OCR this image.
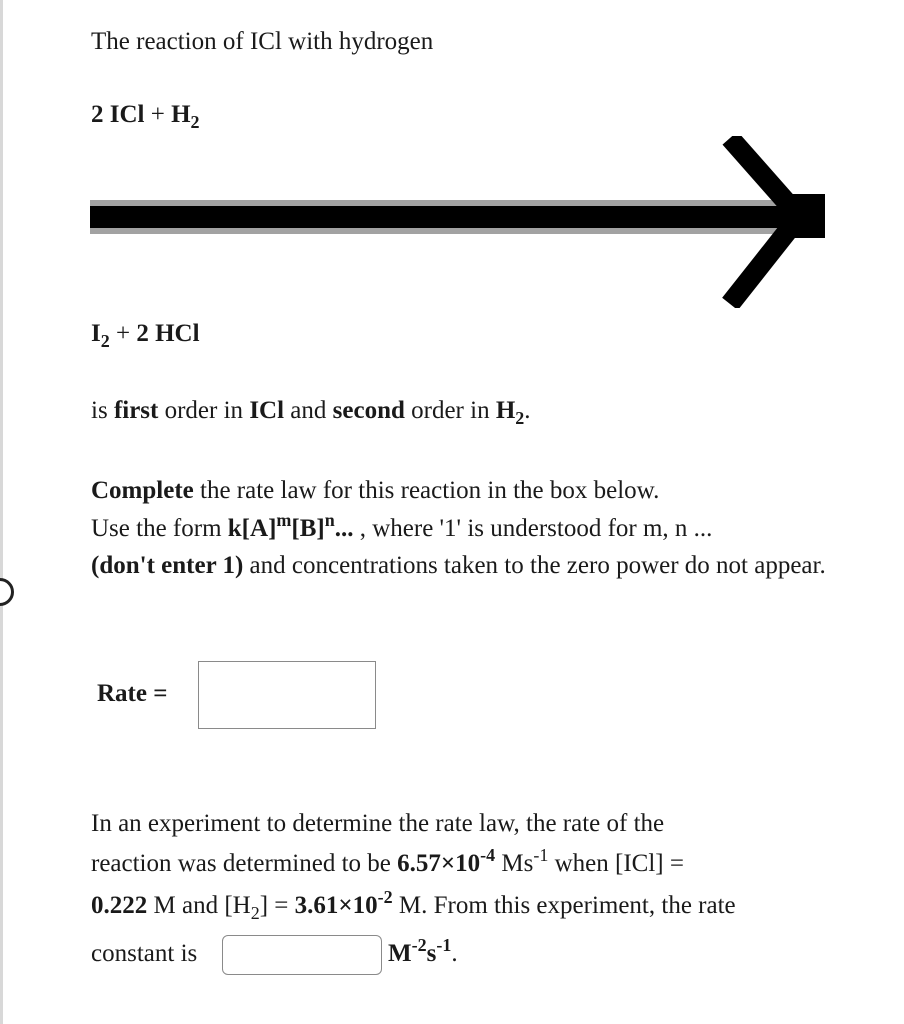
The reaction of ICl with hydrogen
2 ICl + $H_2$
$I_2 + 2$ HCl
is first order in ICl and second order in $H_2$.
Complete the rate law for this reaction in the box below.
Use the form $k[A]^m[B]^n$... , where '1' is understood for m, n ...
(don't enter 1) and concentrations taken to the zero power do not appear.
Rate =
In an experiment to determine the rate law, the rate of the
reaction was determined to be $6.57\times 10^{-4}$ $Ms^{-1}$ when [ICl] =
0.222 M and $[H_2] = 3.61\times 10^{-2}$ M. From this experiment, the rate
constant is	$M^{-2}s^{-1}$.
